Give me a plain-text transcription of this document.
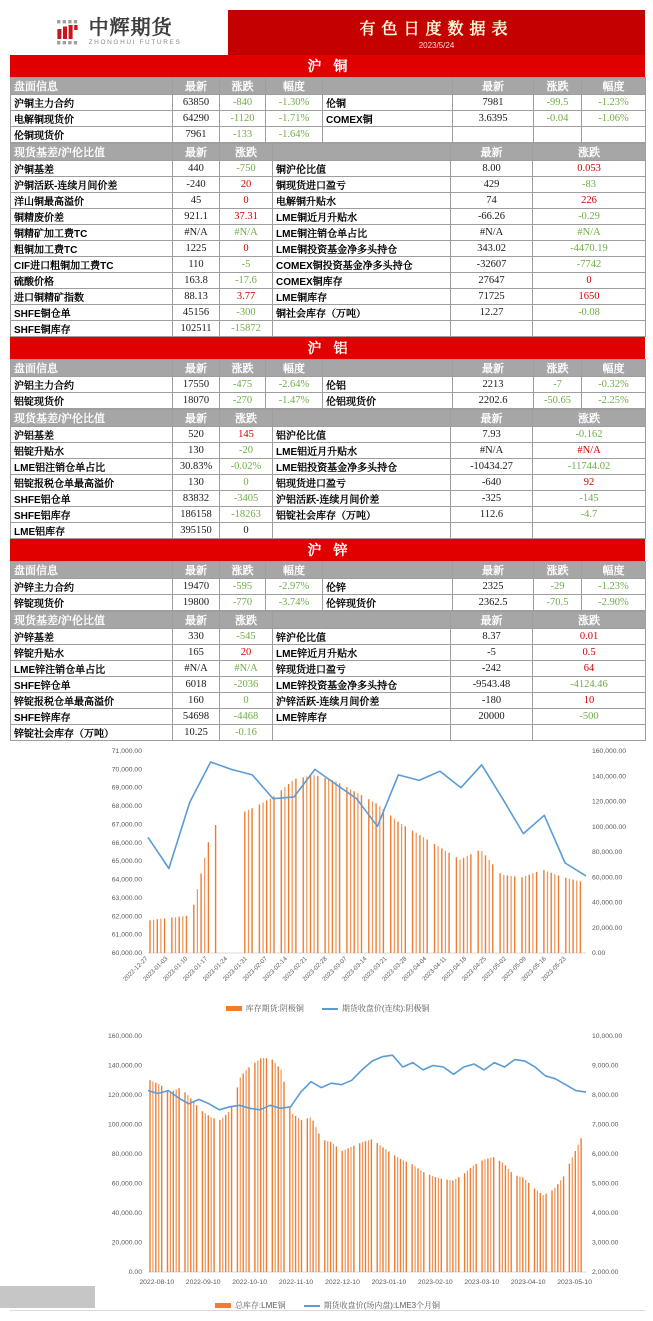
中辉期货
ZHONGHUI FUTURES
有色日度数据表
2023/5/24
沪铜
盘面信息	最新	涨跌	幅度		最新	涨跌	幅度
沪铜主力合约	63850	-840	-1.30%	伦铜	7981	-99.5	-1.23%
电解铜现货价	64290	-1120	-1.71%	COMEX铜	3.6395	-0.04	-1.06%
伦铜现货价	7961	-133	-1.64%				
现货基差/沪伦比值	最新	涨跌		最新	涨跌
沪铜基差	440	-750	铜沪伦比值	8.00	0.053
沪铜活跃-连续月间价差	-240	20	铜现货进口盈亏	429	-83
洋山铜最高溢价	45	0	电解铜升贴水	74	226
铜精废价差	921.1	37.31	LME铜近月升贴水	-66.26	-0.29
铜精矿加工费TC	#N/A	#N/A	LME铜注销仓单占比	#N/A	#N/A
粗铜加工费TC	1225	0	LME铜投资基金净多头持仓	343.02	-4470.19
CIF进口粗铜加工费TC	110	-5	COMEX铜投资基金净多头持仓	-32607	-7742
硫酸价格	163.8	-17.6	COMEX铜库存	27647	0
进口铜精矿指数	88.13	3.77	LME铜库存	71725	1650
SHFE铜仓单	45156	-300	铜社会库存（万吨）	12.27	-0.08
SHFE铜库存	102511	-15872			
沪铝
盘面信息	最新	涨跌	幅度		最新	涨跌	幅度
沪铝主力合约	17550	-475	-2.64%	伦铝	2213	-7	-0.32%
铝锭现货价	18070	-270	-1.47%	伦铝现货价	2202.6	-50.65	-2.25%
现货基差/沪伦比值	最新	涨跌		最新	涨跌
沪铝基差	520	145	铝沪伦比值	7.93	-0.162
铝锭升贴水	130	-20	LME铝近月升贴水	#N/A	#N/A
LME铝注销仓单占比	30.83%	-0.02%	LME铝投资基金净多头持仓	-10434.27	-11744.02
铝锭报税仓单最高溢价	130	0	铝现货进口盈亏	-640	92
SHFE铝仓单	83832	-3405	沪铝活跃-连续月间价差	-325	-145
SHFE铝库存	186158	-18263	铝锭社会库存（万吨）	112.6	-4.7
LME铝库存	395150	0			
沪锌
盘面信息	最新	涨跌	幅度		最新	涨跌	幅度
沪锌主力合约	19470	-595	-2.97%	伦锌	2325	-29	-1.23%
锌锭现货价	19800	-770	-3.74%	伦锌现货价	2362.5	-70.5	-2.90%
现货基差/沪伦比值	最新	涨跌		最新	涨跌
沪锌基差	330	-545	锌沪伦比值	8.37	0.01
锌锭升贴水	165	20	LME锌近月升贴水	-5	0.5
LME锌注销仓单占比	#N/A	#N/A	锌现货进口盈亏	-242	64
SHFE锌仓单	6018	-2036	LME锌投资基金净多头持仓	-9543.48	-4124.46
锌锭报税仓单最高溢价	160	0	沪锌活跃-连续月间价差	-180	10
SHFE锌库存	54698	-4468	LME锌库存	20000	-500
锌锭社会库存（万吨）	10.25	-0.16			
71,000.00
70,000.00
69,000.00
68,000.00
67,000.00
66,000.00
65,000.00
64,000.00
63,000.00
62,000.00
61,000.00
60,000.00
160,000.00
140,000.00
120,000.00
100,000.00
80,000.00
60,000.00
40,000.00
20,000.00
0.00
2022-12-27
2023-01-03
2023-01-10
2023-01-17
2023-01-24
2023-01-31
2023-02-07
2023-02-14
2023-02-21
2023-02-28
2023-03-07
2023-03-14
2023-03-21
2023-03-28
2023-04-04
2023-04-11
2023-04-18
2023-04-25
2023-05-02
2023-05-09
2023-05-16
2023-05-23
库存期货:阴极铜	期货收盘价(连续):阴极铜
160,000.00
140,000.00
120,000.00
100,000.00
80,000.00
60,000.00
40,000.00
20,000.00
0.00
10,000.00
9,000.00
8,000.00
7,000.00
6,000.00
5,000.00
4,000.00
3,000.00
2,000.00
2022-08-10 2022-09-10 2022-10-10 2022-11-10 2022-12-10 2023-01-10 2023-02-10 2023-03-10 2023-04-10 2023-05-10
总库存:LME铜	期货收盘价(场内盘):LME3个月铜
